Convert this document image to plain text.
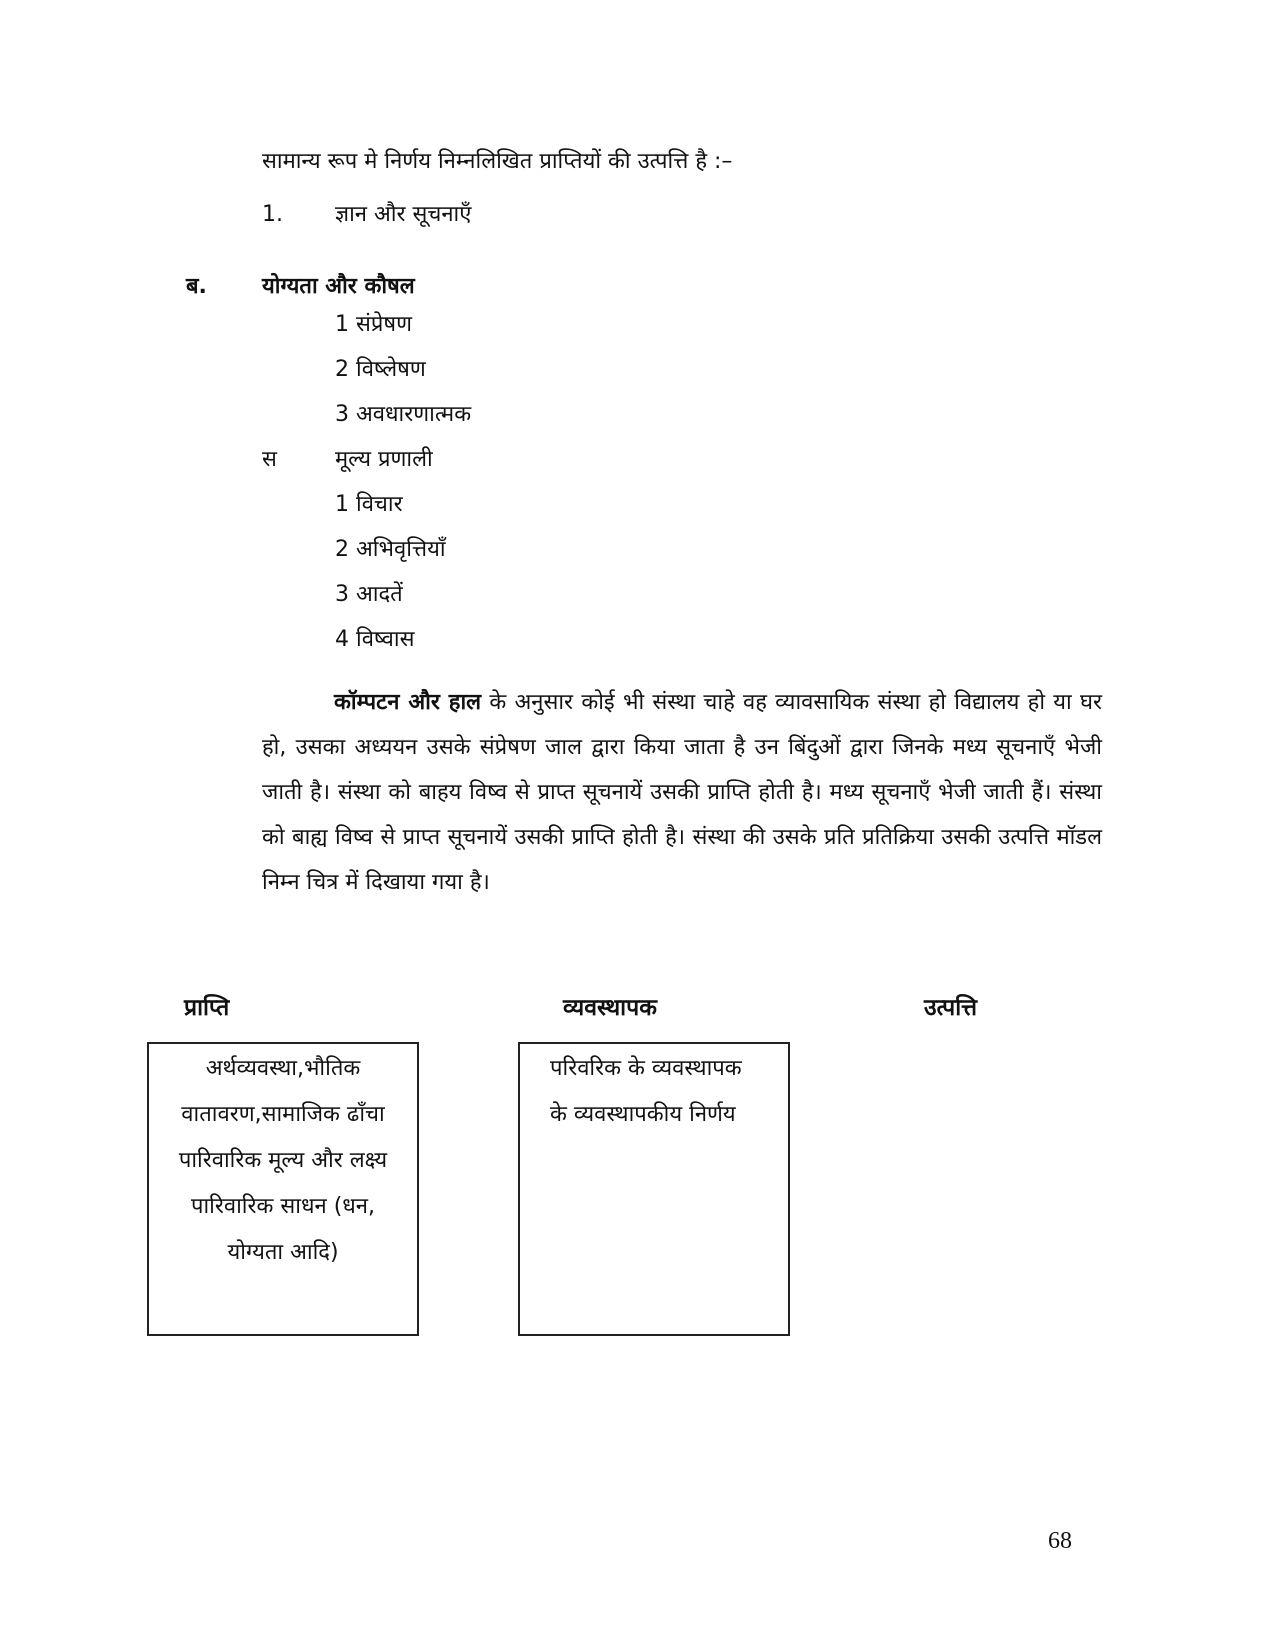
सामान्य रूप मे निर्णय निम्नलिखित प्राप्तियों की उत्पत्ति है :–
1. ज्ञान और सूचनाएँ
ब.	योग्यता और कौषल
1 संप्रेषण
2 विष्लेषण
3 अवधारणात्मक
स	मूल्य प्रणाली
1 विचार
2 अभिवृत्तियॉं
3 आदतें
4 विष्वास
कॉम्पटन और हाल के अनुसार कोई भी संस्था चाहे वह व्यावसायिक संस्था हो विद्यालय हो या घर हो, उसका अध्ययन उसके संप्रेषण जाल द्वारा किया जाता है उन बिंदुओं द्वारा जिनके मध्य सूचनाएँ भेजी जाती है। संस्था को बाहय विष्व से प्राप्त सूचनायें उसकी प्राप्ति होती है। मध्य सूचनाएँ भेजी जाती हैं। संस्था को बाह्य विष्व से प्राप्त सूचनायें उसकी प्राप्ति होती है। संस्था की उसके प्रति प्रतिक्रिया उसकी उत्पत्ति मॉडल निम्न चित्र में दिखाया गया है।
प्राप्ति	व्यवस्थापक	उत्पत्ति

अर्थव्यवस्था,भौतिक

वातावरण,सामाजिक ढॉंचा

पारिवारिक मूल्य और लक्ष्य

पारिवारिक साधन (धन,

योग्यता आदि)

परिवरिक के व्यवस्थापक

के व्यवस्थापकीय निर्णय

68
